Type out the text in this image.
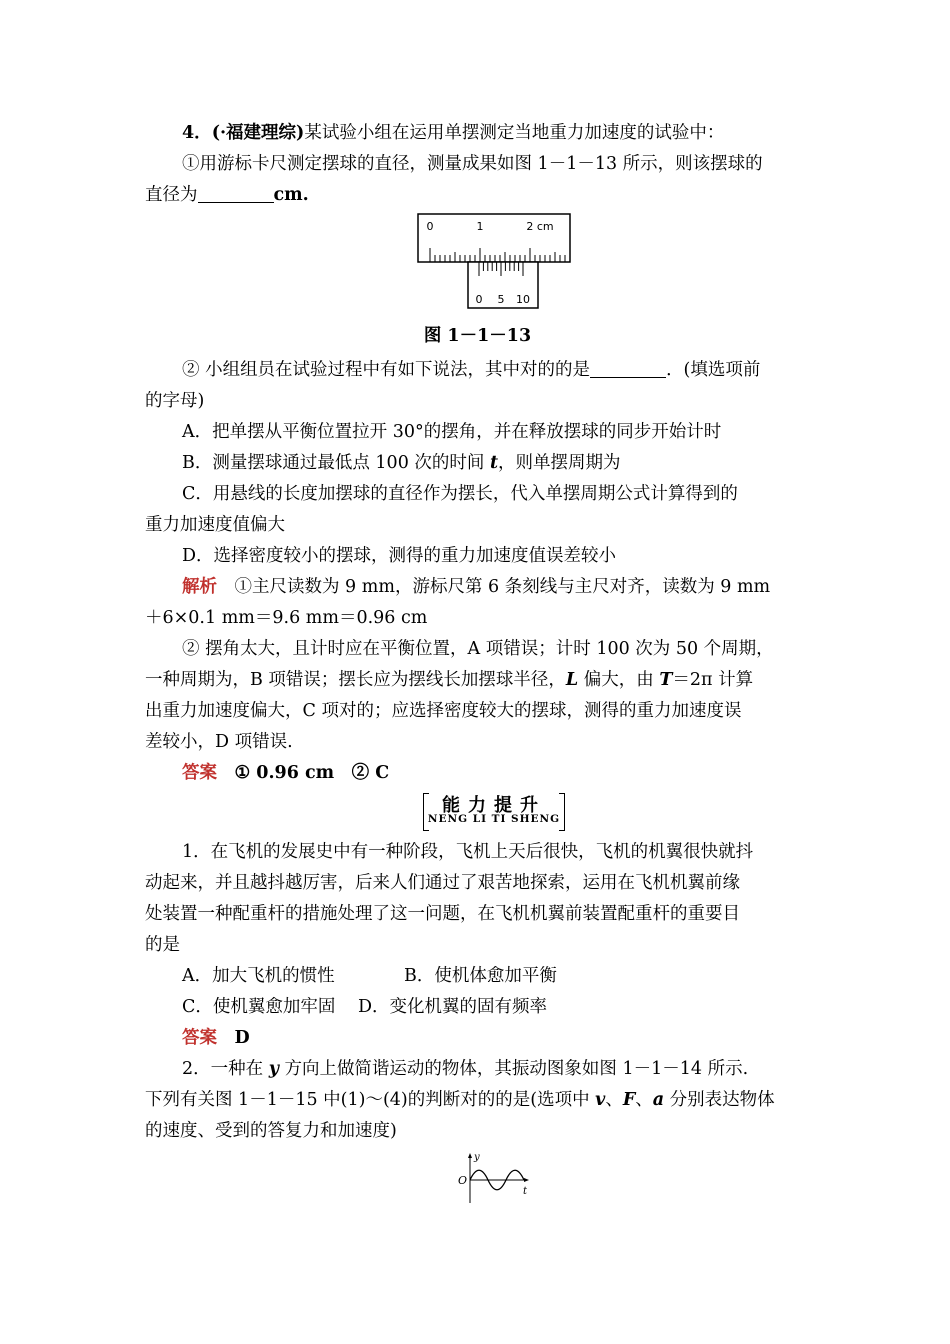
4．(·福建理综)某试验小组在运用单摆测定当地重力加速度的试验中：
①用游标卡尺测定摆球的直径，测量成果如图 1－1－13 所示，则该摆球的
直径为	cm.
0	1	2 cm
0 5 10
图 1－1－13
② 小组组员在试验过程中有如下说法，其中对的的是	．(填选项前
的字母)
A．把单摆从平衡位置拉开 30°的摆角，并在释放摆球的同步开始计时
B．测量摆球通过最低点 100 次的时间 t，则单摆周期为
C．用悬线的长度加摆球的直径作为摆长，代入单摆周期公式计算得到的
重力加速度值偏大
D．选择密度较小的摆球，测得的重力加速度值误差较小
解析　 ①主尺读数为 9 mm，游标尺第 6 条刻线与主尺对齐，读数为 9 mm
＋6×0.1 mm＝9.6 mm＝0.96 cm
② 摆角太大，且计时应在平衡位置，A 项错误；计时 100 次为 50 个周期，
一种周期为，B 项错误；摆长应为摆线长加摆球半径，L 偏大，由 T＝2π 计算
出重力加速度偏大，C 项对的；应选择密度较大的摆球，测得的重力加速度误
差较小，D 项错误.
答案　 ① 0.96 cm　② C
能力提升
NENG LI TI SHENG
1．在飞机的发展史中有一种阶段，飞机上天后很快，飞机的机翼很快就抖
动起来，并且越抖越厉害，后来人们通过了艰苦地探索，运用在飞机机翼前缘
处装置一种配重杆的措施处理了这一问题，在飞机机翼前装置配重杆的重要目
的是
A．加大飞机的惯性	B．使机体愈加平衡
C．使机翼愈加牢固	D．变化机翼的固有频率
答案　 D
2．一种在 y 方向上做简谐运动的物体，其振动图象如图 1－1－14 所示.
下列有关图 1－1－15 中(1)～(4)的判断对的的是(选项中 v、F、a 分别表达物体
的速度、受到的答复力和加速度)
y
t
O
